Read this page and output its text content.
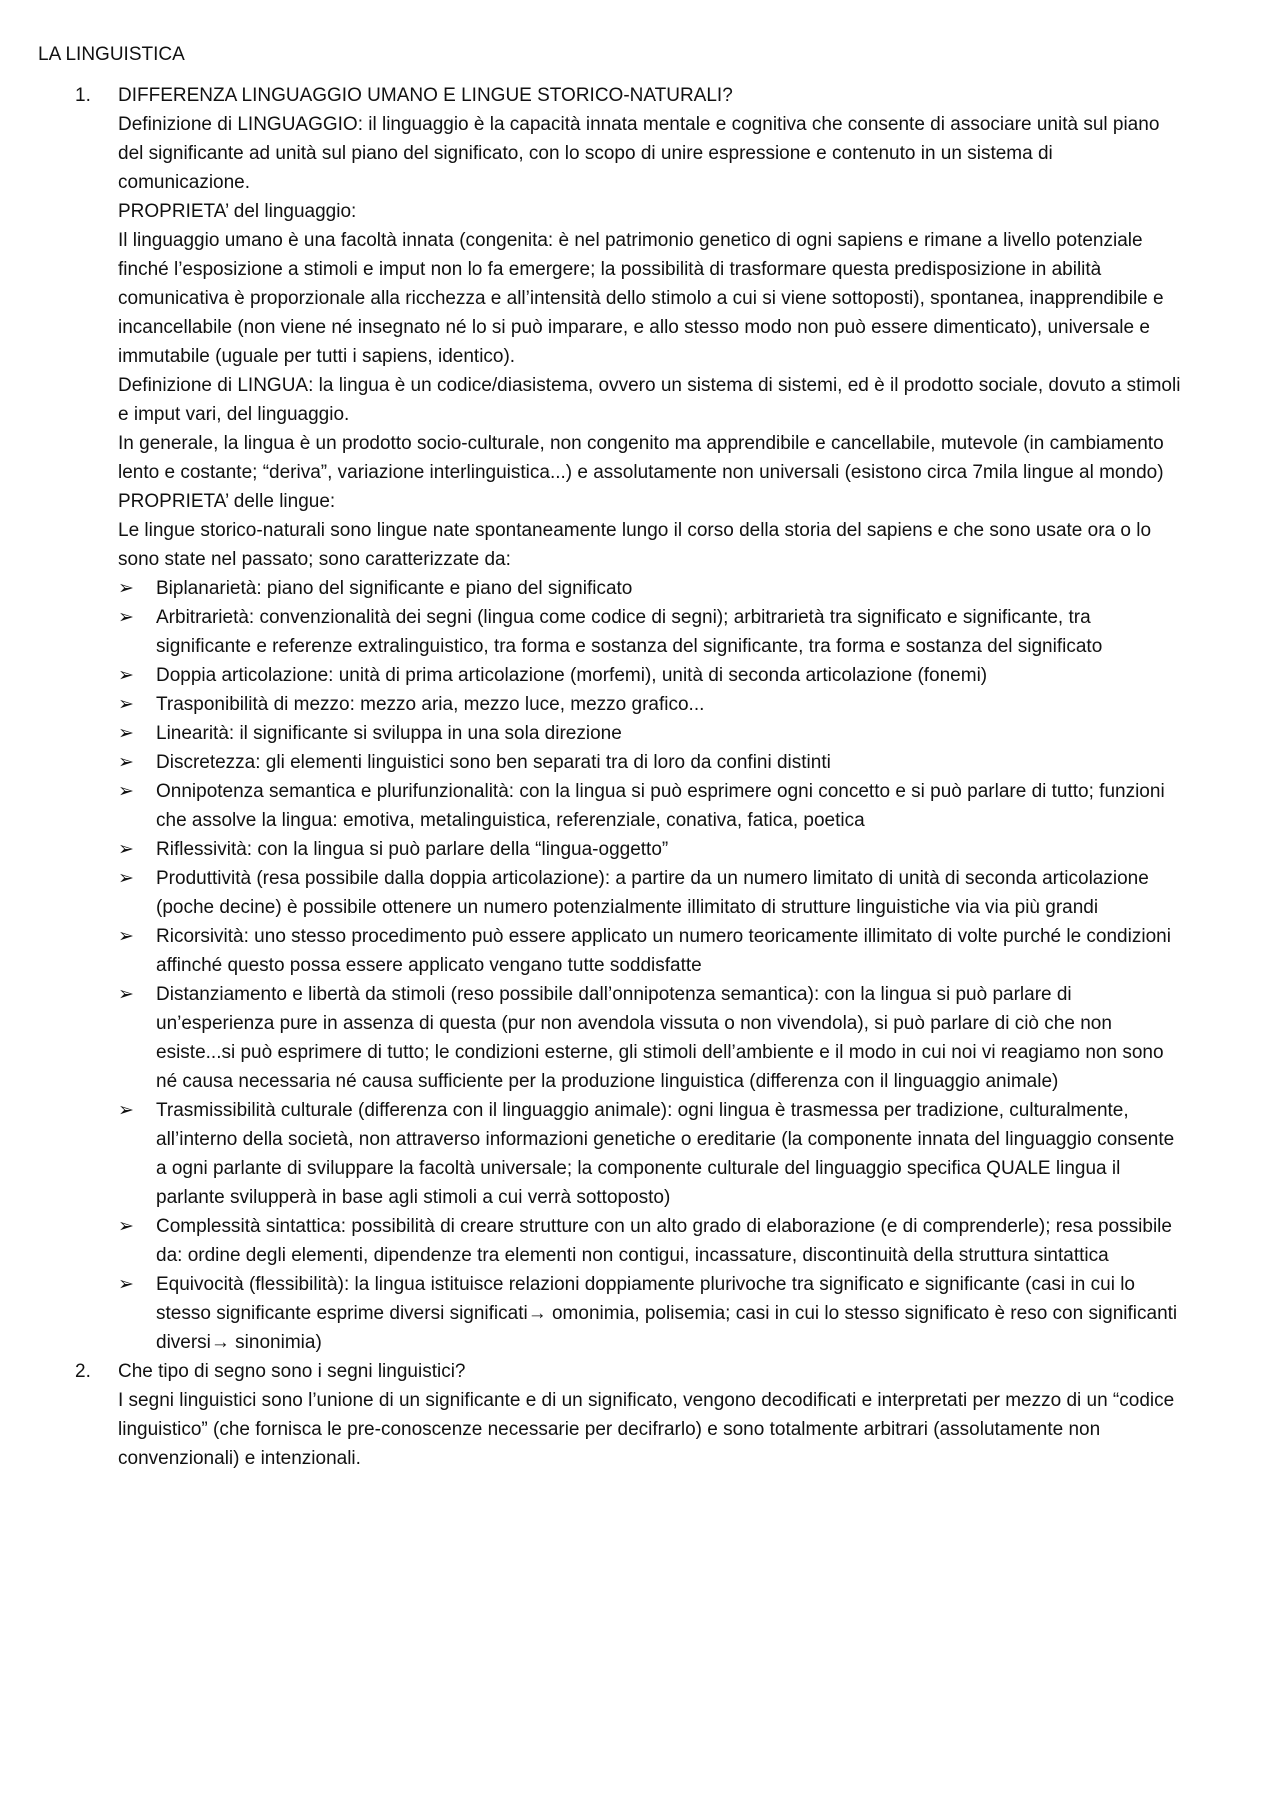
LA LINGUISTICA
1. DIFFERENZA LINGUAGGIO UMANO E LINGUE STORICO-NATURALI?

Definizione di LINGUAGGIO: il linguaggio è la capacità innata mentale e cognitiva che consente di associare unità sul piano del significante ad unità sul piano del significato, con lo scopo di unire espressione e contenuto in un sistema di comunicazione.

PROPRIETA’ del linguaggio:

Il linguaggio umano è una facoltà innata (congenita: è nel patrimonio genetico di ogni sapiens e rimane a livello potenziale finché l’esposizione a stimoli e imput non lo fa emergere; la possibilità di trasformare questa predisposizione in abilità comunicativa è proporzionale alla ricchezza e all’intensità dello stimolo a cui si viene sottoposti), spontanea, inapprendibile e incancellabile (non viene né insegnato né lo si può imparare, e allo stesso modo non può essere dimenticato), universale e immutabile (uguale per tutti i sapiens, identico).

Definizione di LINGUA: la lingua è un codice/diasistema, ovvero un sistema di sistemi, ed è il prodotto sociale, dovuto a stimoli e imput vari, del linguaggio.

In generale, la lingua è un prodotto socio-culturale, non congenito ma apprendibile e cancellabile, mutevole (in cambiamento lento e costante; “deriva”, variazione interlinguistica...) e assolutamente non universali (esistono circa 7mila lingue al mondo)

PROPRIETA’ delle lingue:

Le lingue storico-naturali sono lingue nate spontaneamente lungo il corso della storia del sapiens e che sono usate ora o lo sono state nel passato; sono caratterizzate da:

➢ Biplanarietà: piano del significante e piano del significato
➢ Arbitrarietà: convenzionalità dei segni (lingua come codice di segni); arbitrarietà tra significato e significante, tra significante e referenze extralinguistico, tra forma e sostanza del significante, tra forma e sostanza del significato
➢ Doppia articolazione: unità di prima articolazione (morfemi), unità di seconda articolazione (fonemi)
➢ Trasponibilità di mezzo: mezzo aria, mezzo luce, mezzo grafico...
➢ Linearità: il significante si sviluppa in una sola direzione
➢ Discretezza: gli elementi linguistici sono ben separati tra di loro da confini distinti
➢ Onnipotenza semantica e plurifunzionalità: con la lingua si può esprimere ogni concetto e si può parlare di tutto; funzioni che assolve la lingua: emotiva, metalinguistica, referenziale, conativa, fatica, poetica
➢ Riflessività: con la lingua si può parlare della “lingua-oggetto”
➢ Produttività (resa possibile dalla doppia articolazione): a partire da un numero limitato di unità di seconda articolazione (poche decine) è possibile ottenere un numero potenzialmente illimitato di strutture linguistiche via via più grandi
➢ Ricorsività: uno stesso procedimento può essere applicato un numero teoricamente illimitato di volte purché le condizioni affinché questo possa essere applicato vengano tutte soddisfatte
➢ Distanziamento e libertà da stimoli (reso possibile dall’onnipotenza semantica): con la lingua si può parlare di un’esperienza pure in assenza di questa (pur non avendola vissuta o non vivendola), si può parlare di ciò che non esiste...si può esprimere di tutto; le condizioni esterne, gli stimoli dell’ambiente e il modo in cui noi vi reagiamo non sono né causa necessaria né causa sufficiente per la produzione linguistica (differenza con il linguaggio animale)
➢ Trasmissibilità culturale (differenza con il linguaggio animale): ogni lingua è trasmessa per tradizione, culturalmente, all’interno della società, non attraverso informazioni genetiche o ereditarie (la componente innata del linguaggio consente a ogni parlante di sviluppare la facoltà universale; la componente culturale del linguaggio specifica QUALE lingua il parlante svilupperà in base agli stimoli a cui verrà sottoposto)
➢ Complessità sintattica: possibilità di creare strutture con un alto grado di elaborazione (e di comprenderle); resa possibile da: ordine degli elementi, dipendenze tra elementi non contigui, incassature, discontinuità della struttura sintattica
➢ Equivocità (flessibilità): la lingua istituisce relazioni doppiamente plurivoche tra significato e significante (casi in cui lo stesso significante esprime diversi significati→ omonimia, polisemia; casi in cui lo stesso significato è reso con significanti diversi→ sinonimia)
2. Che tipo di segno sono i segni linguistici?

I segni linguistici sono l’unione di un significante e di un significato, vengono decodificati e interpretati per mezzo di un “codice linguistico” (che fornisca le pre-conoscenze necessarie per decifrarlo) e sono totalmente arbitrari (assolutamente non convenzionali) e intenzionali.
